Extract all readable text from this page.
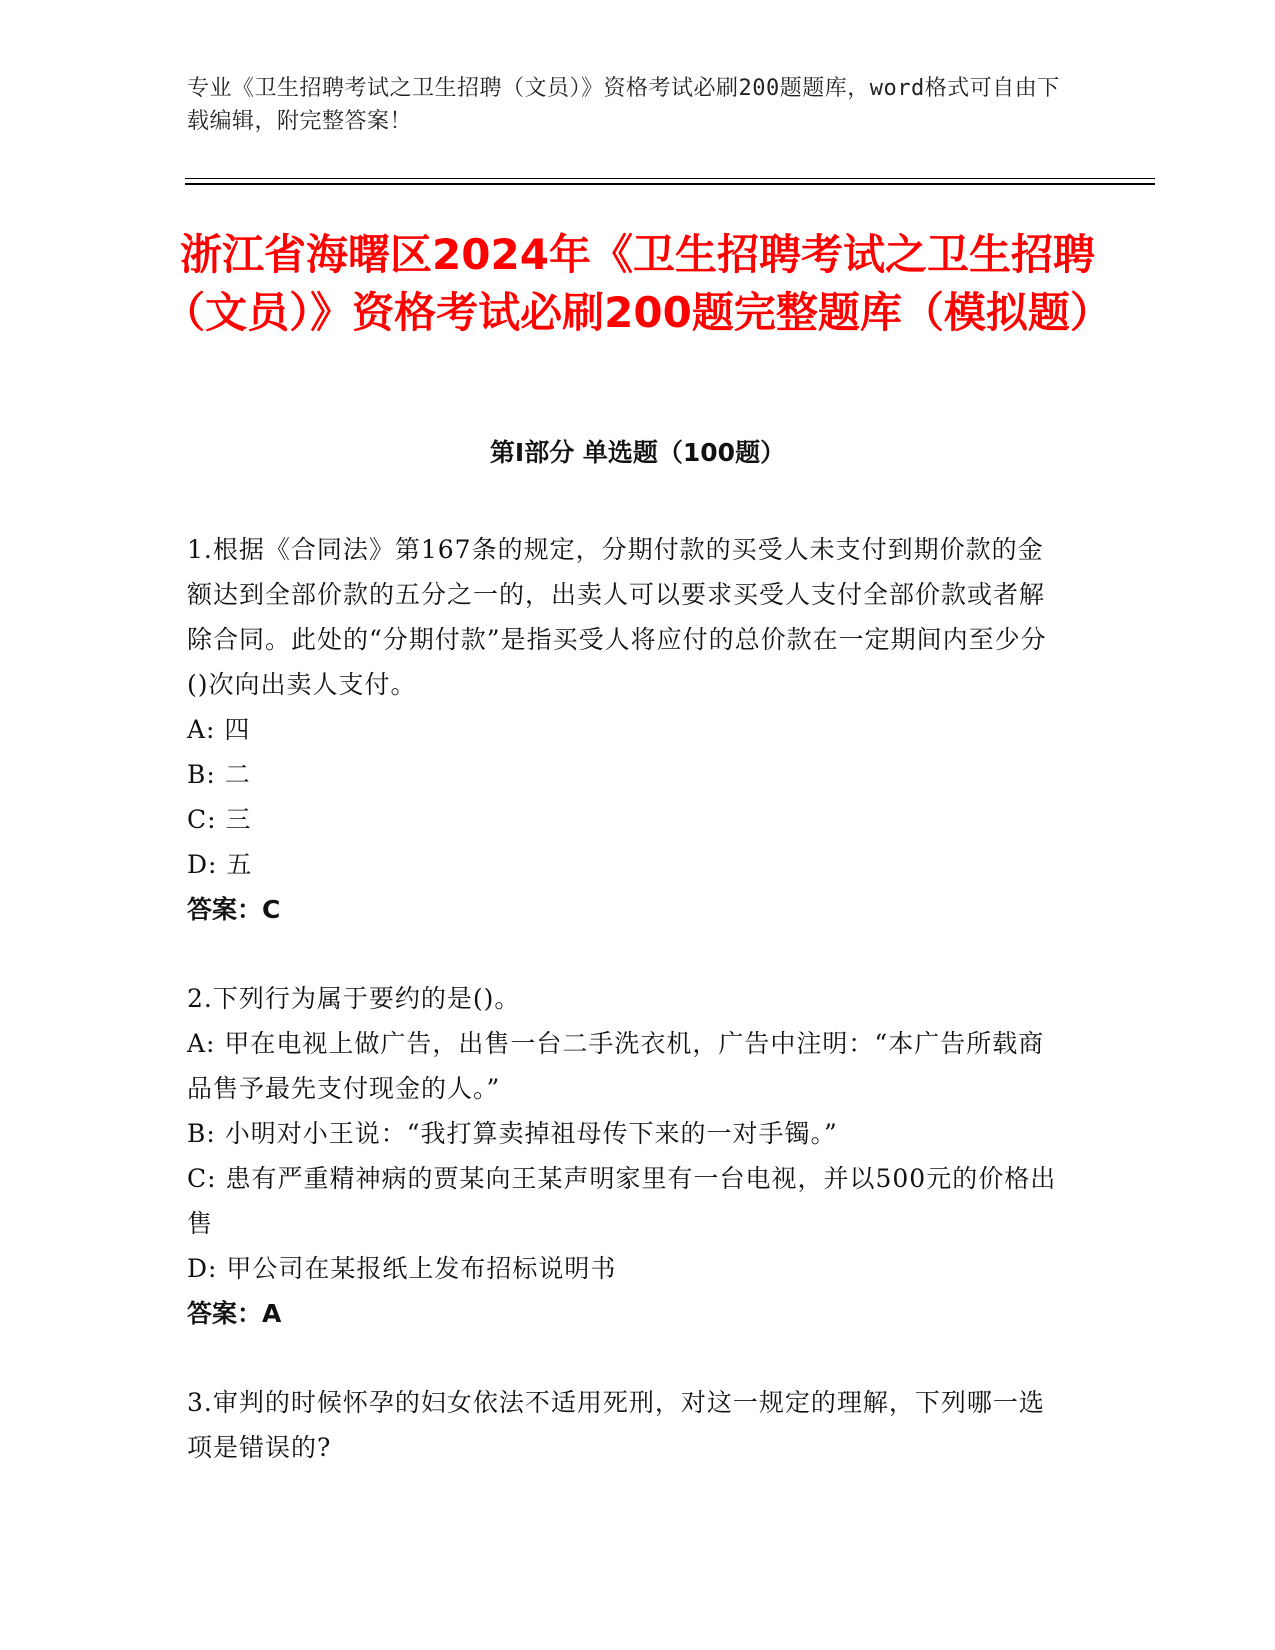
专业《卫生招聘考试之卫生招聘（文员）》资格考试必刷200题题库，word格式可自由下载编辑，附完整答案！
浙江省海曙区2024年《卫生招聘考试之卫生招聘（文员）》资格考试必刷200题完整题库（模拟题）
第Ⅰ部分 单选题（100题）
1.根据《合同法》第167条的规定，分期付款的买受人未支付到期价款的金额达到全部价款的五分之一的，出卖人可以要求买受人支付全部价款或者解除合同。此处的“分期付款”是指买受人将应付的总价款在一定期间内至少分()次向出卖人支付。
A: 四
B: 二
C: 三
D: 五
答案：C
2.下列行为属于要约的是()。
A: 甲在电视上做广告，出售一台二手洗衣机，广告中注明：“本广告所载商品售予最先支付现金的人。”
B: 小明对小王说：“我打算卖掉祖母传下来的一对手镯。”
C: 患有严重精神病的贾某向王某声明家里有一台电视，并以500元的价格出售
D: 甲公司在某报纸上发布招标说明书
答案：A
3.审判的时候怀孕的妇女依法不适用死刑，对这一规定的理解，下列哪一选项是错误的?
